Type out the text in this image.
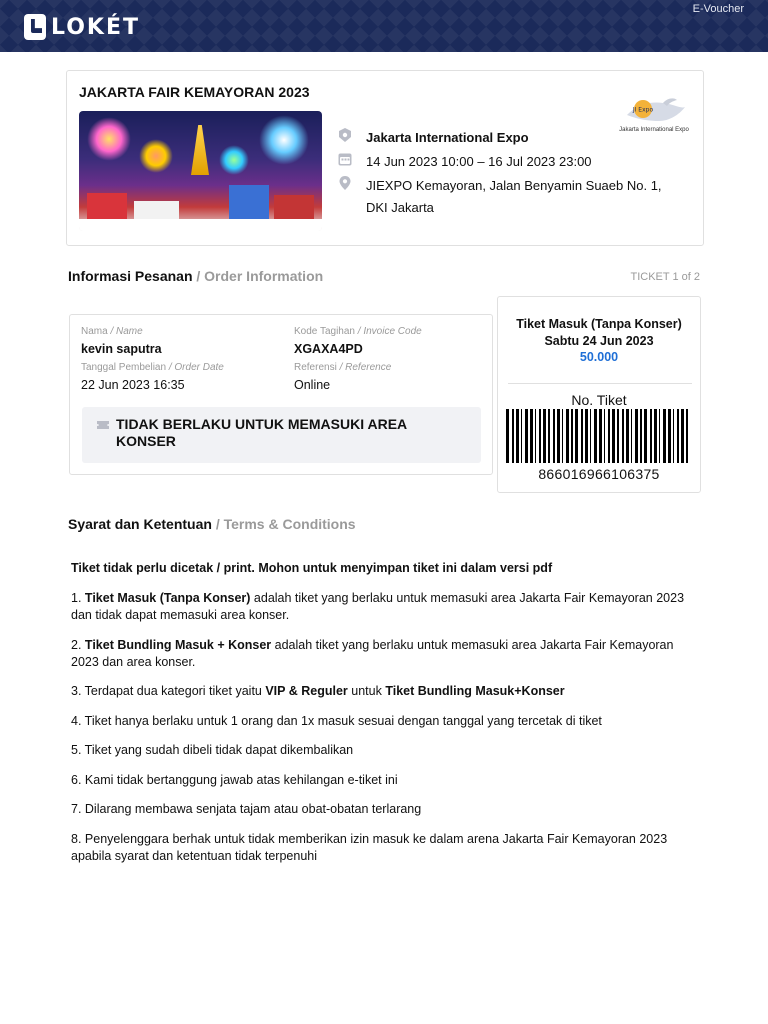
LOKÉT
E-Voucher
JAKARTA FAIR KEMAYORAN 2023
Jakarta International Expo
14 Jun 2023 10:00 – 16 Jul 2023 23:00
JIEXPO Kemayoran, Jalan Benyamin Suaeb No. 1, DKI Jakarta
JI Expo
Jakarta International Expo
Informasi Pesanan / Order Information	TICKET 1 of 2
Nama / Name
kevin saputra
Kode Tagihan / Invoice Code
XGAXA4PD
Tanggal Pembelian / Order Date
22 Jun 2023 16:35
Referensi / Reference
Online
TIDAK BERLAKU UNTUK MEMASUKI AREA KONSER
Tiket Masuk (Tanpa Konser)
Sabtu 24 Jun 2023
50.000
No. Tiket
866016966106375
Syarat dan Ketentuan / Terms & Conditions

Tiket tidak perlu dicetak / print. Mohon untuk menyimpan tiket ini dalam versi pdf

1. Tiket Masuk (Tanpa Konser) adalah tiket yang berlaku untuk memasuki area Jakarta Fair Kemayoran 2023 dan tidak dapat memasuki area konser.

2. Tiket Bundling Masuk + Konser adalah tiket yang berlaku untuk memasuki area Jakarta Fair Kemayoran 2023 dan area konser.

3. Terdapat dua kategori tiket yaitu VIP & Reguler untuk Tiket Bundling Masuk+Konser

4. Tiket hanya berlaku untuk 1 orang dan 1x masuk sesuai dengan tanggal yang tercetak di tiket

5. Tiket yang sudah dibeli tidak dapat dikembalikan

6. Kami tidak bertanggung jawab atas kehilangan e-tiket ini

7. Dilarang membawa senjata tajam atau obat-obatan terlarang

8. Penyelenggara berhak untuk tidak memberikan izin masuk ke dalam arena Jakarta Fair Kemayoran 2023 apabila syarat dan ketentuan tidak terpenuhi
